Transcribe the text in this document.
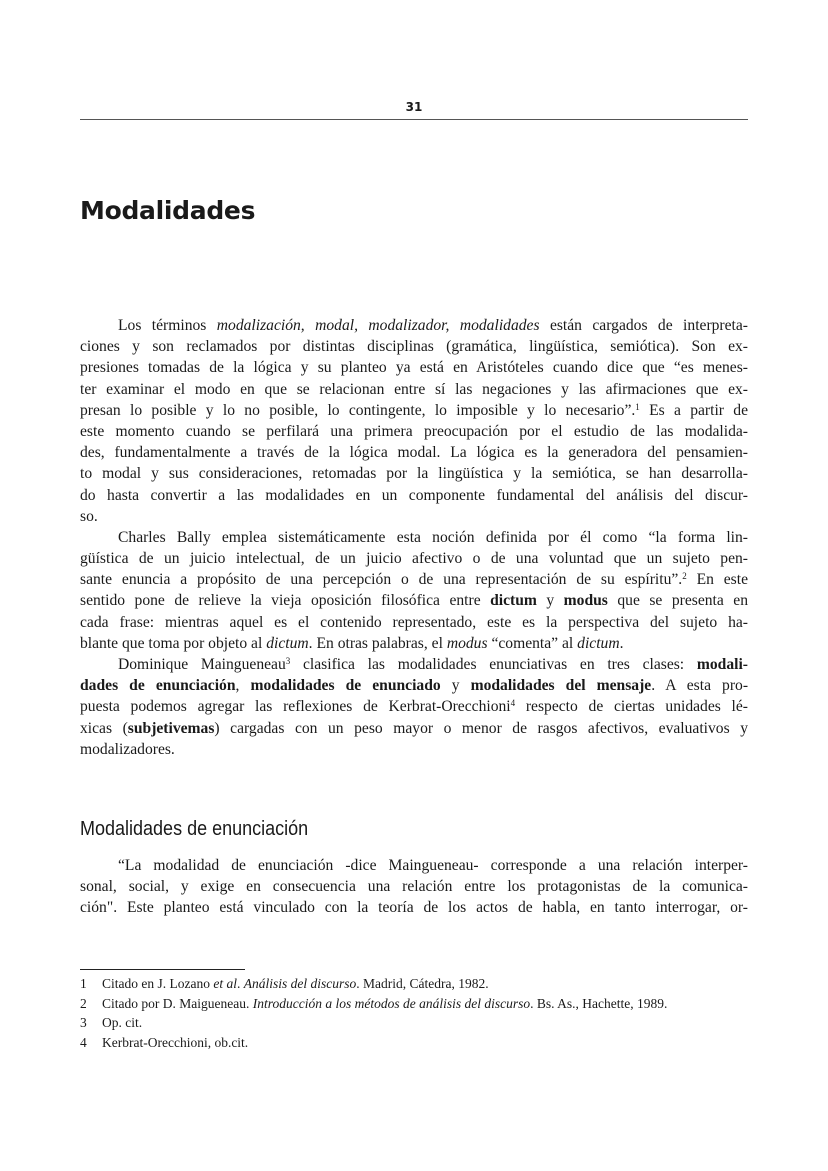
31
Modalidades
Los términos modalización, modal, modalizador, modalidades están cargados de interpreta-
ciones y son reclamados por distintas disciplinas (gramática, lingüística, semiótica). Son ex-
presiones tomadas de la lógica y su planteo ya está en Aristóteles cuando dice que “es menes-
ter examinar el modo en que se relacionan entre sí las negaciones y las afirmaciones que ex-
presan lo posible y lo no posible, lo contingente, lo imposible y lo necesario”.$^1$ Es a partir de
este momento cuando se perfilará una primera preocupación por el estudio de las modalida-
des, fundamentalmente a través de la lógica modal. La lógica es la generadora del pensamien-
to modal y sus consideraciones, retomadas por la lingüística y la semiótica, se han desarrolla-
do hasta convertir a las modalidades en un componente fundamental del análisis del discur-
so.
Charles Bally emplea sistemáticamente esta noción definida por él como “la forma lin-
güística de un juicio intelectual, de un juicio afectivo o de una voluntad que un sujeto pen-
sante enuncia a propósito de una percepción o de una representación de su espíritu”.$^2$ En este
sentido pone de relieve la vieja oposición filosófica entre dictum y modus que se presenta en
cada frase: mientras aquel es el contenido representado, este es la perspectiva del sujeto ha-
blante que toma por objeto al dictum. En otras palabras, el modus “comenta” al dictum.
Dominique Maingueneau$^3$ clasifica las modalidades enunciativas en tres clases: modali-
dades de enunciación, modalidades de enunciado y modalidades del mensaje. A esta pro-
puesta podemos agregar las reflexiones de Kerbrat-Orecchioni$^4$ respecto de ciertas unidades lé-
xicas (subjetivemas) cargadas con un peso mayor o menor de rasgos afectivos, evaluativos y
modalizadores.
Modalidades de enunciación
“La modalidad de enunciación -dice Maingueneau- corresponde a una relación interper-
sonal, social, y exige en consecuencia una relación entre los protagonistas de la comunica-
ción". Este planteo está vinculado con la teoría de los actos de habla, en tanto interrogar, or-
1 Citado en J. Lozano et al. Análisis del discurso. Madrid, Cátedra, 1982.
2 Citado por D. Maigueneau. Introducción a los métodos de análisis del discurso. Bs. As., Hachette, 1989.
3 Op. cit.
4 Kerbrat-Orecchioni, ob.cit.
